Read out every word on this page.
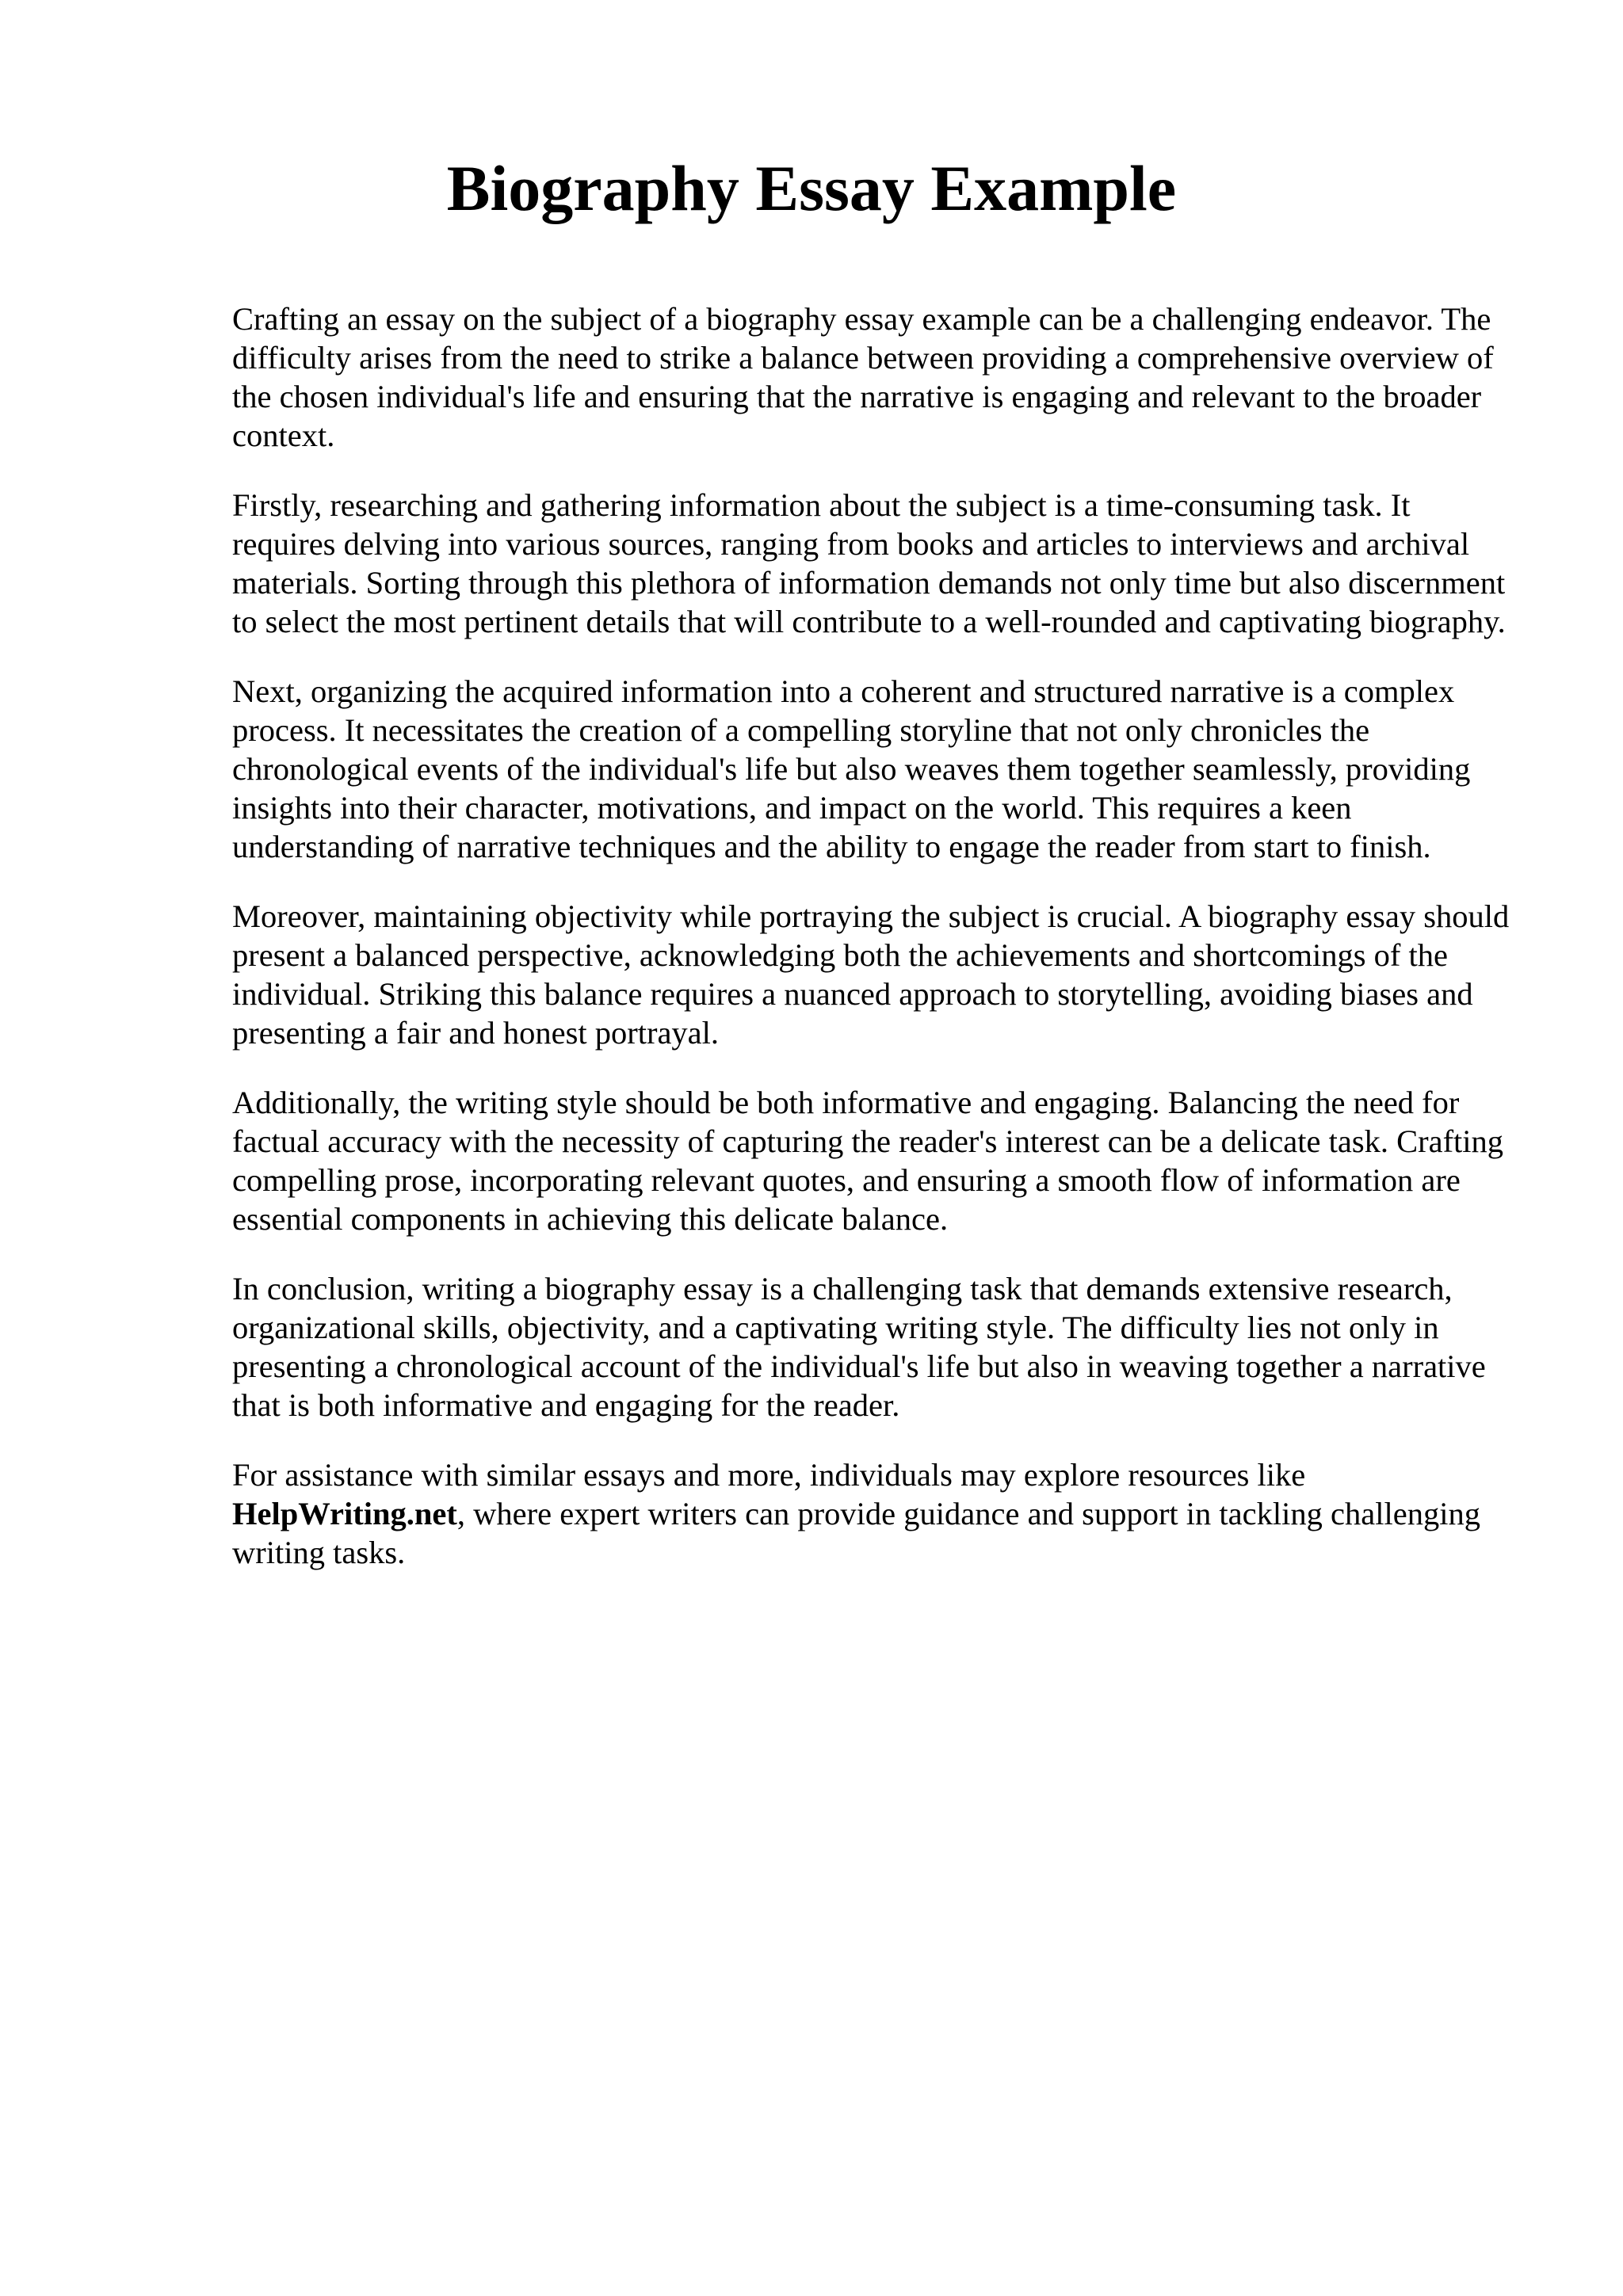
Biography Essay Example

Crafting an essay on the subject of a biography essay example can be a challenging endeavor. The difficulty arises from the need to strike a balance between providing a comprehensive overview of the chosen individual's life and ensuring that the narrative is engaging and relevant to the broader context.

Firstly, researching and gathering information about the subject is a time-consuming task. It requires delving into various sources, ranging from books and articles to interviews and archival materials. Sorting through this plethora of information demands not only time but also discernment to select the most pertinent details that will contribute to a well-rounded and captivating biography.

Next, organizing the acquired information into a coherent and structured narrative is a complex process. It necessitates the creation of a compelling storyline that not only chronicles the chronological events of the individual's life but also weaves them together seamlessly, providing insights into their character, motivations, and impact on the world. This requires a keen understanding of narrative techniques and the ability to engage the reader from start to finish.

Moreover, maintaining objectivity while portraying the subject is crucial. A biography essay should present a balanced perspective, acknowledging both the achievements and shortcomings of the individual. Striking this balance requires a nuanced approach to storytelling, avoiding biases and presenting a fair and honest portrayal.

Additionally, the writing style should be both informative and engaging. Balancing the need for factual accuracy with the necessity of capturing the reader's interest can be a delicate task. Crafting compelling prose, incorporating relevant quotes, and ensuring a smooth flow of information are essential components in achieving this delicate balance.

In conclusion, writing a biography essay is a challenging task that demands extensive research, organizational skills, objectivity, and a captivating writing style. The difficulty lies not only in presenting a chronological account of the individual's life but also in weaving together a narrative that is both informative and engaging for the reader.

For assistance with similar essays and more, individuals may explore resources like HelpWriting.net, where expert writers can provide guidance and support in tackling challenging writing tasks.
